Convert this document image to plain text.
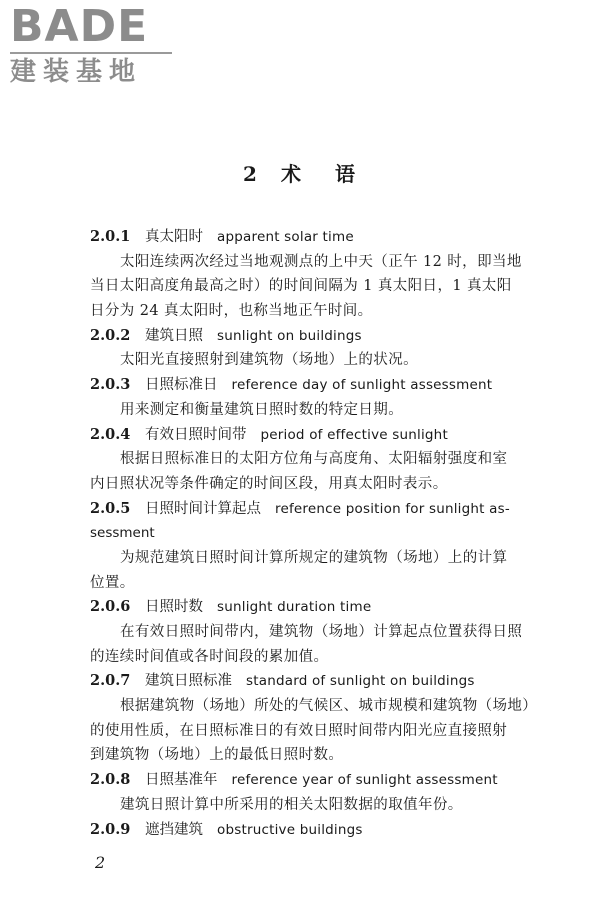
BADE
建装基地
2 术 语
2.0.1 真太阳时 apparent solar time
太阳连续两次经过当地观测点的上中天（正午 12 时，即当地
当日太阳高度角最高之时）的时间间隔为 1 真太阳日，1 真太阳
日分为 24 真太阳时，也称当地正午时间。
2.0.2 建筑日照 sunlight on buildings
太阳光直接照射到建筑物（场地）上的状况。
2.0.3 日照标准日 reference day of sunlight assessment
用来测定和衡量建筑日照时数的特定日期。
2.0.4 有效日照时间带 period of effective sunlight
根据日照标准日的太阳方位角与高度角、太阳辐射强度和室
内日照状况等条件确定的时间区段，用真太阳时表示。
2.0.5 日照时间计算起点 reference position for sunlight as-
sessment
为规范建筑日照时间计算所规定的建筑物（场地）上的计算
位置。
2.0.6 日照时数 sunlight duration time
在有效日照时间带内，建筑物（场地）计算起点位置获得日照
的连续时间值或各时间段的累加值。
2.0.7 建筑日照标准 standard of sunlight on buildings
根据建筑物（场地）所处的气候区、城市规模和建筑物（场地）
的使用性质，在日照标准日的有效日照时间带内阳光应直接照射
到建筑物（场地）上的最低日照时数。
2.0.8 日照基准年 reference year of sunlight assessment
建筑日照计算中所采用的相关太阳数据的取值年份。
2.0.9 遮挡建筑 obstructive buildings
2
